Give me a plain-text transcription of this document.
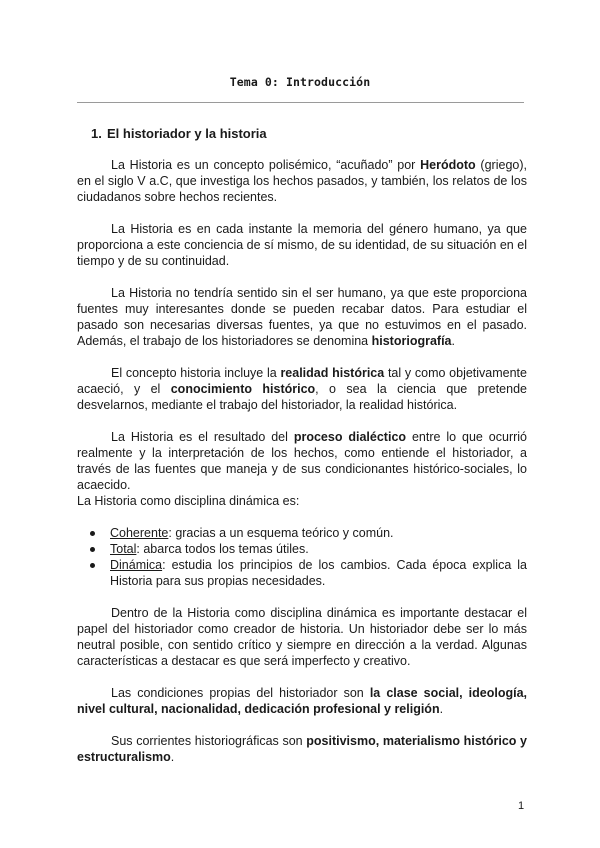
Tema 0: Introducción
1. El historiador y la historia

La Historia es un concepto polisémico, “acuñado” por Heródoto (griego), en el siglo V a.C, que investiga los hechos pasados, y también, los relatos de los ciudadanos sobre hechos recientes.

La Historia es en cada instante la memoria del género humano, ya que proporciona a este conciencia de sí mismo, de su identidad, de su situación en el tiempo y de su continuidad.

La Historia no tendría sentido sin el ser humano, ya que este proporciona fuentes muy interesantes donde se pueden recabar datos. Para estudiar el pasado son necesarias diversas fuentes, ya que no estuvimos en el pasado. Además, el trabajo de los historiadores se denomina historiografía.

El concepto historia incluye la realidad histórica tal y como objetivamente acaeció, y el conocimiento histórico, o sea la ciencia que pretende desvelarnos, mediante el trabajo del historiador, la realidad histórica.

La Historia es el resultado del proceso dialéctico entre lo que ocurrió realmente y la interpretación de los hechos, como entiende el historiador, a través de las fuentes que maneja y de sus condicionantes histórico-sociales, lo acaecido.

La Historia como disciplina dinámica es:

Coherente: gracias a un esquema teórico y común.
Total: abarca todos los temas útiles.
Dinámica: estudia los principios de los cambios. Cada época explica la Historia para sus propias necesidades.

Dentro de la Historia como disciplina dinámica es importante destacar el papel del historiador como creador de historia. Un historiador debe ser lo más neutral posible, con sentido crítico y siempre en dirección a la verdad. Algunas características a destacar es que será imperfecto y creativo.

Las condiciones propias del historiador son la clase social, ideología, nivel cultural, nacionalidad, dedicación profesional y religión.

Sus corrientes historiográficas son positivismo, materialismo histórico y estructuralismo.

1
